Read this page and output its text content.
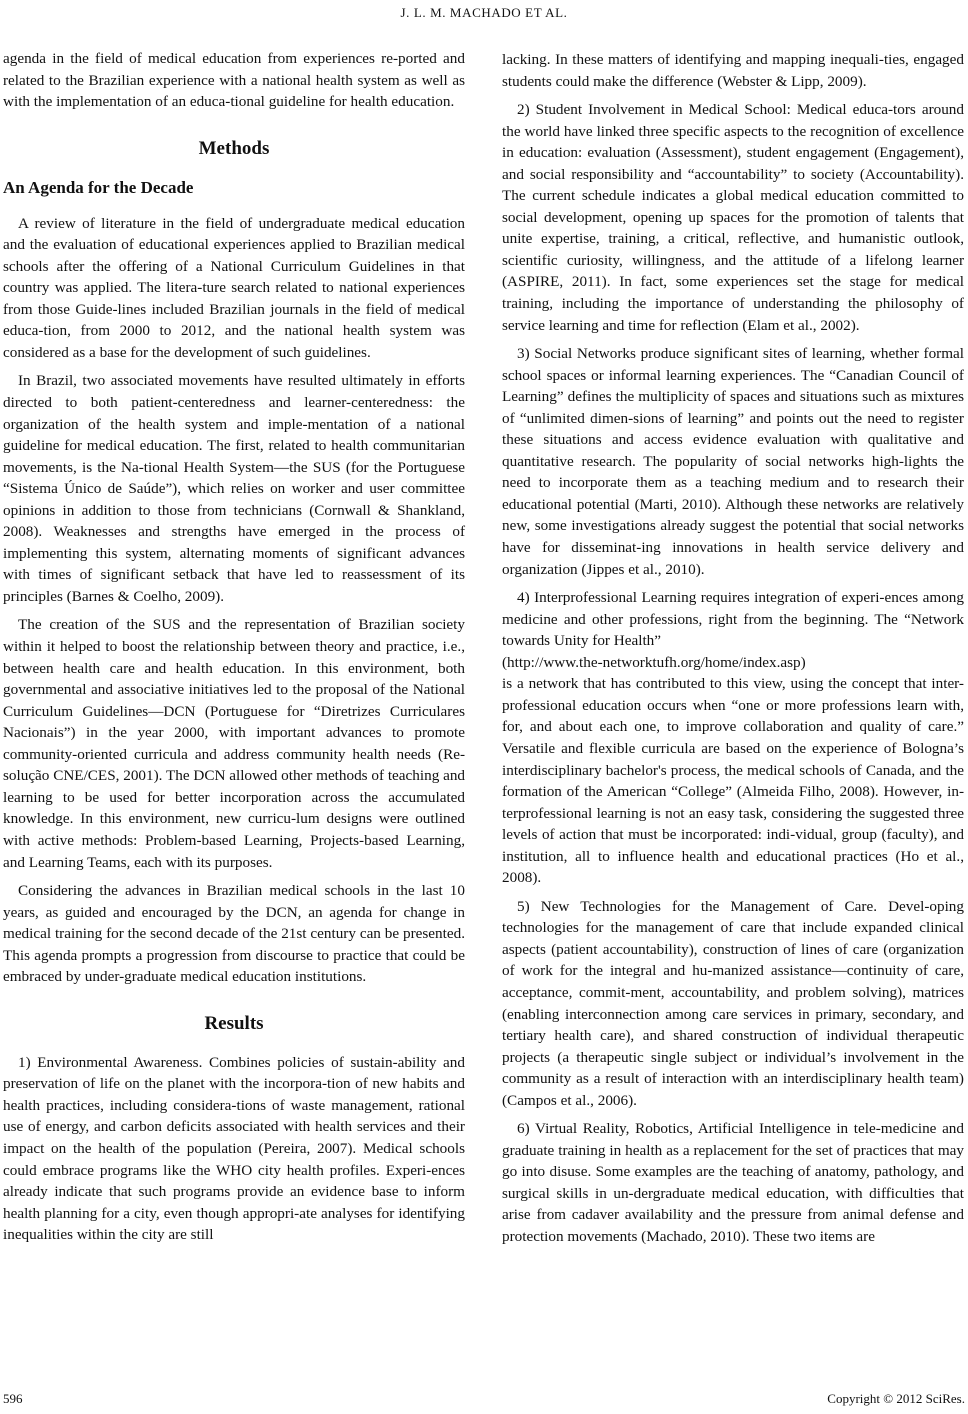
J. L. M. MACHADO ET AL.

agenda in the field of medical education from experiences re-ported and related to the Brazilian experience with a national health system as well as with the implementation of an educa-tional guideline for health education.

Methods
An Agenda for the Decade

A review of literature in the field of undergraduate medical education and the evaluation of educational experiences applied to Brazilian medical schools after the offering of a National Curriculum Guidelines in that country was applied. The litera-ture search related to national experiences from those Guide-lines included Brazilian journals in the field of medical educa-tion, from 2000 to 2012, and the national health system was considered as a base for the development of such guidelines.

In Brazil, two associated movements have resulted ultimately in efforts directed to both patient-centeredness and learner-centeredness: the organization of the health system and imple-mentation of a national guideline for medical education. The first, related to health communitarian movements, is the Na-tional Health System—the SUS (for the Portuguese “Sistema Único de Saúde”), which relies on worker and user committee opinions in addition to those from technicians (Cornwall & Shankland, 2008). Weaknesses and strengths have emerged in the process of implementing this system, alternating moments of significant advances with times of significant setback that have led to reassessment of its principles (Barnes & Coelho, 2009).

The creation of the SUS and the representation of Brazilian society within it helped to boost the relationship between theory and practice, i.e., between health care and health education. In this environment, both governmental and associative initiatives led to the proposal of the National Curriculum Guidelines—DCN (Portuguese for “Diretrizes Curriculares Nacionais”) in the year 2000, with important advances to promote community-oriented curricula and address community health needs (Re-solução CNE/CES, 2001). The DCN allowed other methods of teaching and learning to be used for better incorporation across the accumulated knowledge. In this environment, new curricu-lum designs were outlined with active methods: Problem-based Learning, Projects-based Learning, and Learning Teams, each with its purposes.

Considering the advances in Brazilian medical schools in the last 10 years, as guided and encouraged by the DCN, an agenda for change in medical training for the second decade of the 21st century can be presented. This agenda prompts a progression from discourse to practice that could be embraced by under-graduate medical education institutions.

Results

1) Environmental Awareness. Combines policies of sustain-ability and preservation of life on the planet with the incorpora-tion of new habits and health practices, including considera-tions of waste management, rational use of energy, and carbon deficits associated with health services and their impact on the health of the population (Pereira, 2007). Medical schools could embrace programs like the WHO city health profiles. Experi-ences already indicate that such programs provide an evidence base to inform health planning for a city, even though appropri-ate analyses for identifying inequalities within the city are still

lacking. In these matters of identifying and mapping inequali-ties, engaged students could make the difference (Webster & Lipp, 2009).

2) Student Involvement in Medical School: Medical educa-tors around the world have linked three specific aspects to the recognition of excellence in education: evaluation (Assessment), student engagement (Engagement), and social responsibility and “accountability” to society (Accountability). The current schedule indicates a global medical education committed to social development, opening up spaces for the promotion of talents that unite expertise, training, a critical, reflective, and humanistic outlook, scientific curiosity, willingness, and the attitude of a lifelong learner (ASPIRE, 2011). In fact, some experiences set the stage for medical training, including the importance of understanding the philosophy of service learning and time for reflection (Elam et al., 2002).

3) Social Networks produce significant sites of learning, whether formal school spaces or informal learning experiences. The “Canadian Council of Learning” defines the multiplicity of spaces and situations such as mixtures of “unlimited dimen-sions of learning” and points out the need to register these situations and access evidence evaluation with qualitative and quantitative research. The popularity of social networks high-lights the need to incorporate them as a teaching medium and to research their educational potential (Marti, 2010). Although these networks are relatively new, some investigations already suggest the potential that social networks have for disseminat-ing innovations in health service delivery and organization (Jippes et al., 2010).

4) Interprofessional Learning requires integration of experi-ences among medicine and other professions, right from the beginning. The “Network towards Unity for Health”

(http://www.the-networktufh.org/home/index.asp)

is a network that has contributed to this view, using the concept that inter-professional education occurs when “one or more professions learn with, for, and about each one, to improve collaboration and quality of care.” Versatile and flexible curricula are based on the experience of Bologna’s interdisciplinary bachelor's process, the medical schools of Canada, and the formation of the American “College” (Almeida Filho, 2008). However, in-terprofessional learning is not an easy task, considering the suggested three levels of action that must be incorporated: indi-vidual, group (faculty), and institution, all to influence health and educational practices (Ho et al., 2008).

5) New Technologies for the Management of Care. Devel-oping technologies for the management of care that include expanded clinical aspects (patient accountability), construction of lines of care (organization of work for the integral and hu-manized assistance—continuity of care, acceptance, commit-ment, accountability, and problem solving), matrices (enabling interconnection among care services in primary, secondary, and tertiary health care), and shared construction of individual therapeutic projects (a therapeutic single subject or individual’s involvement in the community as a result of interaction with an interdisciplinary health team) (Campos et al., 2006).

6) Virtual Reality, Robotics, Artificial Intelligence in tele-medicine and graduate training in health as a replacement for the set of practices that may go into disuse. Some examples are the teaching of anatomy, pathology, and surgical skills in un-dergraduate medical education, with difficulties that arise from cadaver availability and the pressure from animal defense and protection movements (Machado, 2010). These two items are

596	Copyright © 2012 SciRes.
